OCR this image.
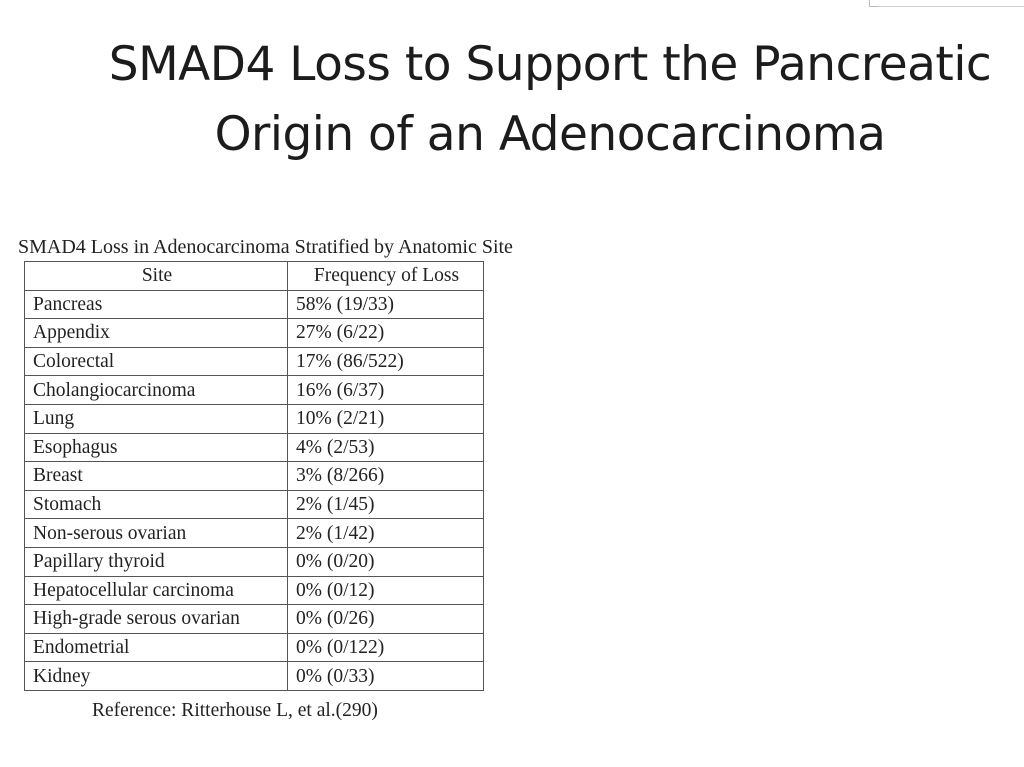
SMAD4 Loss to Support the Pancreatic
Origin of an Adenocarcinoma
SMAD4 Loss in Adenocarcinoma Stratified by Anatomic Site
Site	Frequency of Loss
Pancreas	58% (19/33)
Appendix	27% (6/22)
Colorectal	17% (86/522)
Cholangiocarcinoma	16% (6/37)
Lung	10% (2/21)
Esophagus	4% (2/53)
Breast	3% (8/266)
Stomach	2% (1/45)
Non-serous ovarian	2% (1/42)
Papillary thyroid	0% (0/20)
Hepatocellular carcinoma	0% (0/12)
High-grade serous ovarian	0% (0/26)
Endometrial	0% (0/122)
Kidney	0% (0/33)
Reference: Ritterhouse L, et al.(290)
